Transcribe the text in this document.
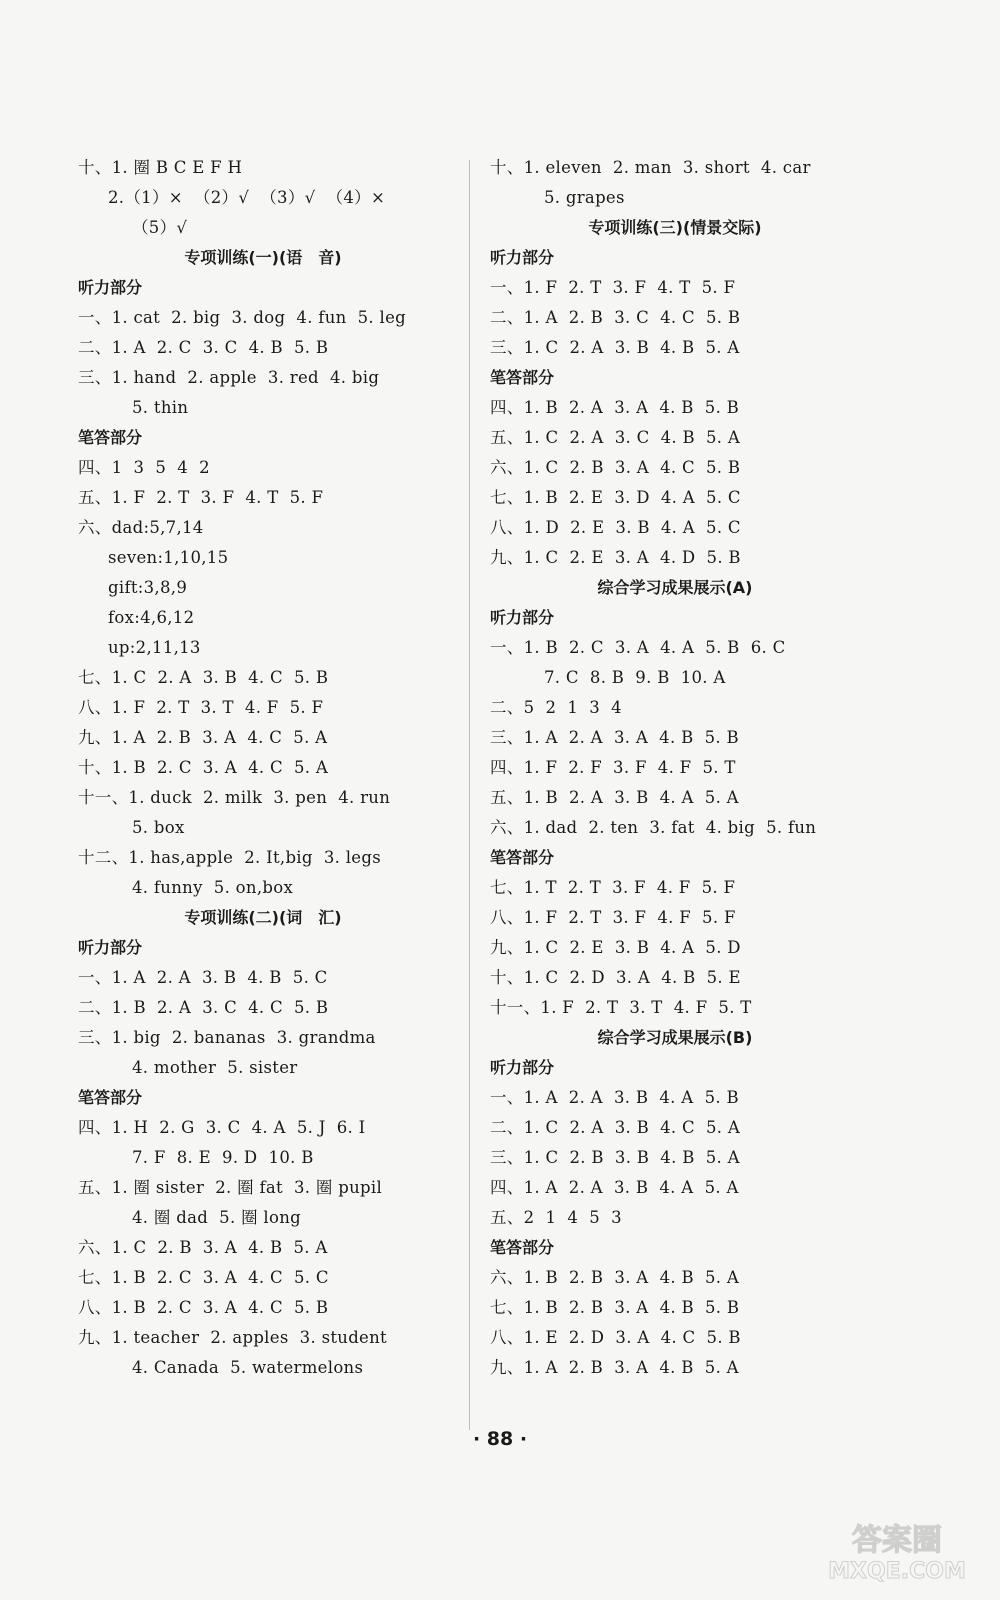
十、1. 圈 B C E F H
2.（1）×  （2）√  （3）√  （4）×
（5）√
专项训练(一)(语　音)
听力部分
一、1. cat  2. big  3. dog  4. fun  5. leg
二、1. A  2. C  3. C  4. B  5. B
三、1. hand  2. apple  3. red  4. big
5. thin
笔答部分
四、1  3  5  4  2
五、1. F  2. T  3. F  4. T  5. F
六、dad:5,7,14
seven:1,10,15
gift:3,8,9
fox:4,6,12
up:2,11,13
七、1. C  2. A  3. B  4. C  5. B
八、1. F  2. T  3. T  4. F  5. F
九、1. A  2. B  3. A  4. C  5. A
十、1. B  2. C  3. A  4. C  5. A
十一、1. duck  2. milk  3. pen  4. run
5. box
十二、1. has,apple  2. It,big  3. legs
4. funny  5. on,box
专项训练(二)(词　汇)
听力部分
一、1. A  2. A  3. B  4. B  5. C
二、1. B  2. A  3. C  4. C  5. B
三、1. big  2. bananas  3. grandma
4. mother  5. sister
笔答部分
四、1. H  2. G  3. C  4. A  5. J  6. I
7. F  8. E  9. D  10. B
五、1. 圈 sister  2. 圈 fat  3. 圈 pupil
4. 圈 dad  5. 圈 long
六、1. C  2. B  3. A  4. B  5. A
七、1. B  2. C  3. A  4. C  5. C
八、1. B  2. C  3. A  4. C  5. B
九、1. teacher  2. apples  3. student
4. Canada  5. watermelons
十、1. eleven  2. man  3. short  4. car
5. grapes
专项训练(三)(情景交际)
听力部分
一、1. F  2. T  3. F  4. T  5. F
二、1. A  2. B  3. C  4. C  5. B
三、1. C  2. A  3. B  4. B  5. A
笔答部分
四、1. B  2. A  3. A  4. B  5. B
五、1. C  2. A  3. C  4. B  5. A
六、1. C  2. B  3. A  4. C  5. B
七、1. B  2. E  3. D  4. A  5. C
八、1. D  2. E  3. B  4. A  5. C
九、1. C  2. E  3. A  4. D  5. B
综合学习成果展示(A)
听力部分
一、1. B  2. C  3. A  4. A  5. B  6. C
7. C  8. B  9. B  10. A
二、5  2  1  3  4
三、1. A  2. A  3. A  4. B  5. B
四、1. F  2. F  3. F  4. F  5. T
五、1. B  2. A  3. B  4. A  5. A
六、1. dad  2. ten  3. fat  4. big  5. fun
笔答部分
七、1. T  2. T  3. F  4. F  5. F
八、1. F  2. T  3. F  4. F  5. F
九、1. C  2. E  3. B  4. A  5. D
十、1. C  2. D  3. A  4. B  5. E
十一、1. F  2. T  3. T  4. F  5. T
综合学习成果展示(B)
听力部分
一、1. A  2. A  3. B  4. A  5. B
二、1. C  2. A  3. B  4. C  5. A
三、1. C  2. B  3. B  4. B  5. A
四、1. A  2. A  3. B  4. A  5. A
五、2  1  4  5  3
笔答部分
六、1. B  2. B  3. A  4. B  5. A
七、1. B  2. B  3. A  4. B  5. B
八、1. E  2. D  3. A  4. C  5. B
九、1. A  2. B  3. A  4. B  5. A
· 88 ·
答案圈
MXQE.COM
